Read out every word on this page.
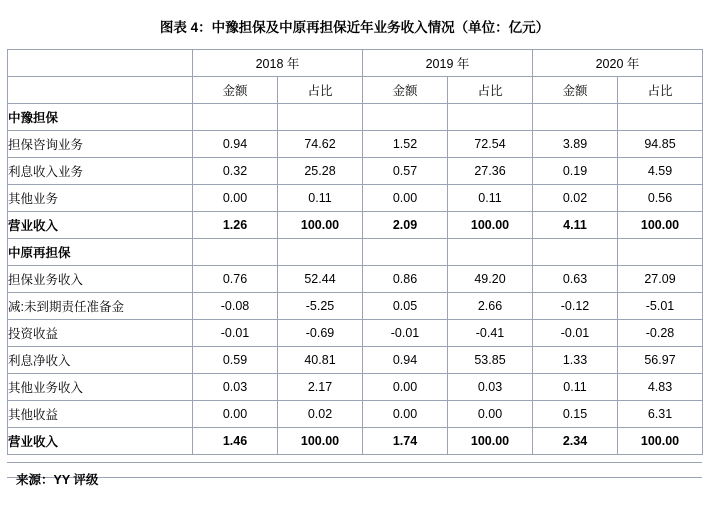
图表 4：中豫担保及中原再担保近年业务收入情况（单位：亿元）
	2018 年		2019 年		2020 年	
	金额	占比	金额	占比	金额	占比
中豫担保						
担保咨询业务	0.94	74.62	1.52	72.54	3.89	94.85
利息收入业务	0.32	25.28	0.57	27.36	0.19	4.59
其他业务	0.00	0.11	0.00	0.11	0.02	0.56
营业收入	1.26	100.00	2.09	100.00	4.11	100.00
中原再担保						
担保业务收入	0.76	52.44	0.86	49.20	0.63	27.09
减:未到期责任准备金	-0.08	-5.25	0.05	2.66	-0.12	-5.01
投资收益	-0.01	-0.69	-0.01	-0.41	-0.01	-0.28
利息净收入	0.59	40.81	0.94	53.85	1.33	56.97
其他业务收入	0.03	2.17	0.00	0.03	0.11	4.83
其他收益	0.00	0.02	0.00	0.00	0.15	6.31
营业收入	1.46	100.00	1.74	100.00	2.34	100.00
来源：YY 评级
